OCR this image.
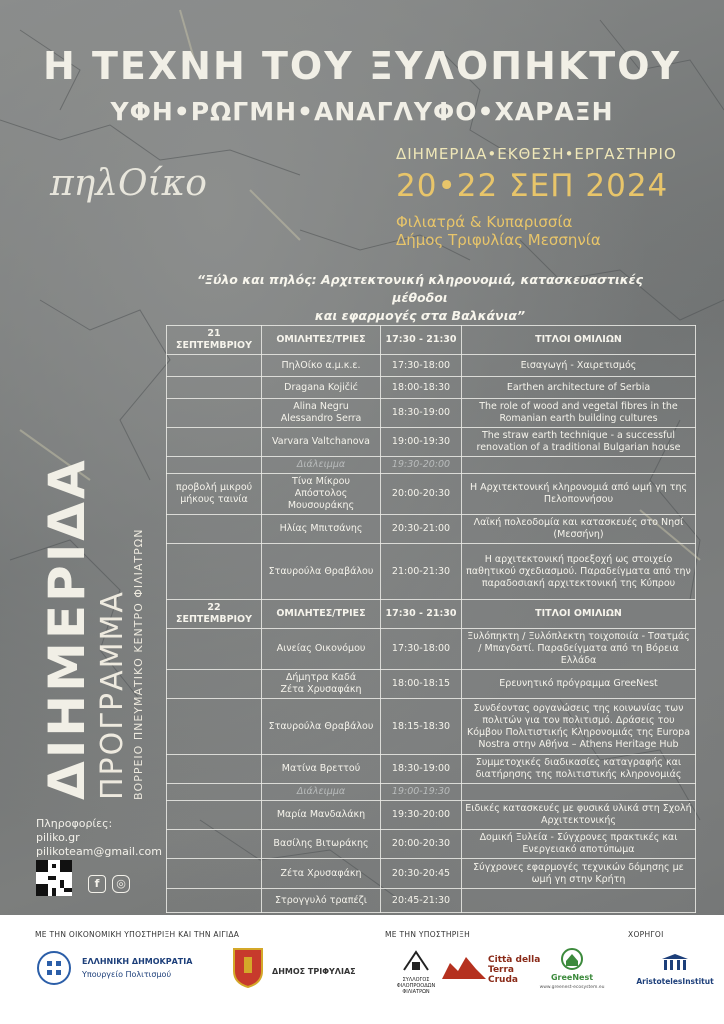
Η ΤΕΧΝΗ ΤΟΥ ΞΥΛΟΠΗΚΤΟΥ
ΥΦΗ•ΡΩΓΜΗ•ΑΝΑΓΛΥΦΟ•ΧΑΡΑΞΗ
πηλΟίκο
ΔΙΗΜΕΡΙΔΑ•ΕΚΘΕΣΗ•ΕΡΓΑΣΤΗΡΙΟ
20•22 ΣΕΠ 2024
Φιλιατρά & Κυπαρισσία
Δήμος Τριφυλίας Μεσσηνία
“Ξύλο και πηλός: Αρχιτεκτονική κληρονομιά, κατασκευαστικές μέθοδοι
και εφαρμογές στα Βαλκάνια”
21 ΣΕΠΤΕΜΒΡΙΟΥ	ΟΜΙΛΗΤΕΣ/ΤΡΙΕΣ	17:30 - 21:30	ΤΙΤΛΟΙ ΟΜΙΛΙΩΝ
	ΠηλΟίκο α.μ.κ.ε.	17:30-18:00	Εισαγωγή - Χαιρετισμός
	Dragana Kojičić	18:00-18:30	Earthen architecture of Serbia
	Alina Negru
Alessandro Serra	18:30-19:00	The role of wood and vegetal fibres in the Romanian earth building cultures
	Varvara Valtchanova	19:00-19:30	The straw earth technique - a successful renovation of a traditional Bulgarian house
	Διάλειμμα	19:30-20:00	
προβολή μικρού μήκους ταινία	Τίνα Μίκρου
Απόστολος
Μουσουράκης	20:00-20:30	Η Αρχιτεκτονική κληρονομιά από ωμή γη της Πελοποννήσου
	Ηλίας Μπιτσάνης	20:30-21:00	Λαϊκή πολεοδομία και κατασκευές στο Νησί (Μεσσήνη)
	Σταυρούλα Θραβάλου	21:00-21:30	Η αρχιτεκτονική προεξοχή ως στοιχείο παθητικού σχεδιασμού. Παραδείγματα από την παραδοσιακή αρχιτεκτονική της Κύπρου
22 ΣΕΠΤΕΜΒΡΙΟΥ	ΟΜΙΛΗΤΕΣ/ΤΡΙΕΣ	17:30 - 21:30	ΤΙΤΛΟΙ ΟΜΙΛΙΩΝ
	Αινείας Οικονόμου	17:30-18:00	Ξυλόπηκτη / Ξυλόπλεκτη τοιχοποιία - Τσατμάς / Μπαγδατί. Παραδείγματα από τη Βόρεια Ελλάδα
	Δήμητρα Καδά
Ζέτα Χρυσαφάκη	18:00-18:15	Ερευνητικό πρόγραμμα GreeNest
	Σταυρούλα Θραβάλου	18:15-18:30	Συνδέοντας οργανώσεις της κοινωνίας των πολιτών για τον πολιτισμό. Δράσεις του Κόμβου Πολιτιστικής Κληρονομιάς της Europa Nostra στην Αθήνα – Athens Heritage Hub
	Ματίνα Βρεττού	18:30-19:00	Συμμετοχικές διαδικασίες καταγραφής και διατήρησης της πολιτιστικής κληρονομιάς
	Διάλειμμα	19:00-19:30	
	Μαρία Μανδαλάκη	19:30-20:00	Ειδικές κατασκευές με φυσικά υλικά στη Σχολή Αρχιτεκτονικής
	Βασίλης Βιτωράκης	20:00-20:30	Δομική Ξυλεία - Σύγχρονες πρακτικές και Ενεργειακό αποτύπωμα
	Ζέτα Χρυσαφάκη	20:30-20:45	Σύγχρονες εφαρμογές τεχνικών δόμησης με ωμή γη στην Κρήτη
	Στρογγυλό τραπέζι	20:45-21:30	
ΔΙΗΜΕΡΙΔΑ ΠΡΟΓΡΑΜΜΑ ΒΟΡΡΕΙΟ ΠΝΕΥΜΑΤΙΚΟ ΚΕΝΤΡΟ ΦΙΛΙΑΤΡΩΝ
Πληροφορίες:
piliko.gr
pilikoteam@gmail.com
f	◎
ΜΕ ΤΗΝ ΟΙΚΟΝΟΜΙΚΗ ΥΠΟΣΤΗΡΙΞΗ ΚΑΙ ΤΗΝ ΑΙΓΙΔΑ	ΜΕ ΤΗΝ ΥΠΟΣΤΗΡΙΞΗ	ΧΟΡΗΓΟΙ
ΕΛΛΗΝΙΚΗ ΔΗΜΟΚΡΑΤΙΑ
Υπουργείο Πολιτισμού	ΔΗΜΟΣ ΤΡΙΦΥΛΙΑΣ
ΣΥΛΛΟΓΟΣ ΦΙΛΟΠΡΟΟΔΩΝ ΦΙΛΙΑΤΡΩΝ
Città della Terra Cruda	GreeNest
www.greenest-ecosystem.eu
AristotelesInstitut
